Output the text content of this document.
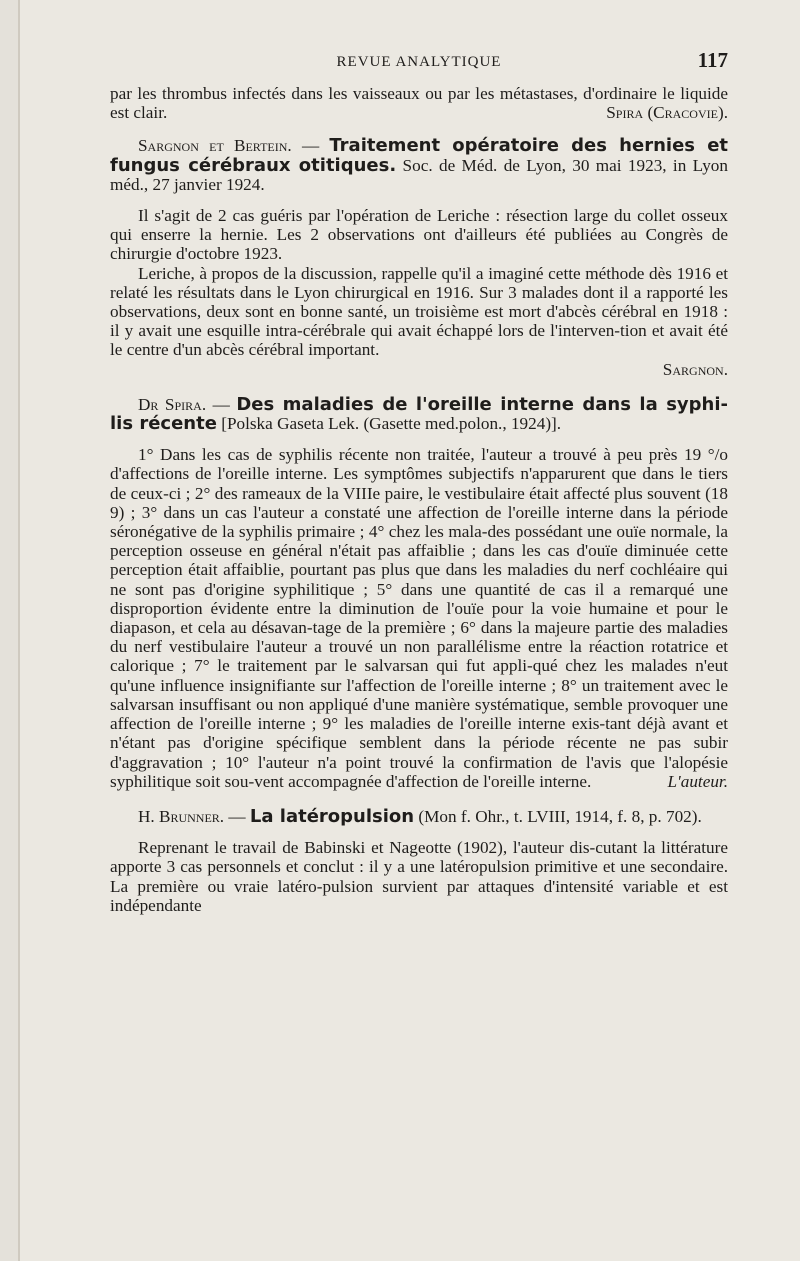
REVUE ANALYTIQUE	117

par les thrombus infectés dans les vaisseaux ou par les métastases, d'ordinaire le liquide est clair.	Spira (Cracovie).

Sargnon et Bertein. — Traitement opératoire des hernies et fungus cérébraux otitiques. Soc. de Méd. de Lyon, 30 mai 1923, in Lyon méd., 27 janvier 1924.

Il s'agit de 2 cas guéris par l'opération de Leriche : résection large du collet osseux qui enserre la hernie. Les 2 observations ont d'ailleurs été publiées au Congrès de chirurgie d'octobre 1923.

Leriche, à propos de la discussion, rappelle qu'il a imaginé cette méthode dès 1916 et relaté les résultats dans le Lyon chirurgical en 1916. Sur 3 malades dont il a rapporté les observations, deux sont en bonne santé, un troisième est mort d'abcès cérébral en 1918 : il y avait une esquille intra-cérébrale qui avait échappé lors de l'interven-tion et avait été le centre d'un abcès cérébral important.

Sargnon.

Dr Spira. — Des maladies de l'oreille interne dans la syphi-lis récente [Polska Gaseta Lek. (Gasette med.polon., 1924)].

1° Dans les cas de syphilis récente non traitée, l'auteur a trouvé à peu près 19 °/o d'affections de l'oreille interne. Les symptômes subjectifs n'apparurent que dans le tiers de ceux-ci ; 2° des rameaux de la VIIIe paire, le vestibulaire était affecté plus souvent (18 9) ; 3° dans un cas l'auteur a constaté une affection de l'oreille interne dans la période séronégative de la syphilis primaire ; 4° chez les mala-des possédant une ouïe normale, la perception osseuse en général n'était pas affaiblie ; dans les cas d'ouïe diminuée cette perception était affaiblie, pourtant pas plus que dans les maladies du nerf cochléaire qui ne sont pas d'origine syphilitique ; 5° dans une quantité de cas il a remarqué une disproportion évidente entre la diminution de l'ouïe pour la voie humaine et pour le diapason, et cela au désavan-tage de la première ; 6° dans la majeure partie des maladies du nerf vestibulaire l'auteur a trouvé un non parallélisme entre la réaction rotatrice et calorique ; 7° le traitement par le salvarsan qui fut appli-qué chez les malades n'eut qu'une influence insignifiante sur l'affection de l'oreille interne ; 8° un traitement avec le salvarsan insuffisant ou non appliqué d'une manière systématique, semble provoquer une affection de l'oreille interne ; 9° les maladies de l'oreille interne exis-tant déjà avant et n'étant pas d'origine spécifique semblent dans la période récente ne pas subir d'aggravation ; 10° l'auteur n'a point trouvé la confirmation de l'avis que l'alopésie syphilitique soit sou-vent accompagnée d'affection de l'oreille interne.	L'auteur.

H. Brunner. — La latéropulsion (Mon f. Ohr., t. LVIII, 1914, f. 8, p. 702).

Reprenant le travail de Babinski et Nageotte (1902), l'auteur dis-cutant la littérature apporte 3 cas personnels et conclut : il y a une latéropulsion primitive et une secondaire. La première ou vraie latéro-pulsion survient par attaques d'intensité variable et est indépendante
